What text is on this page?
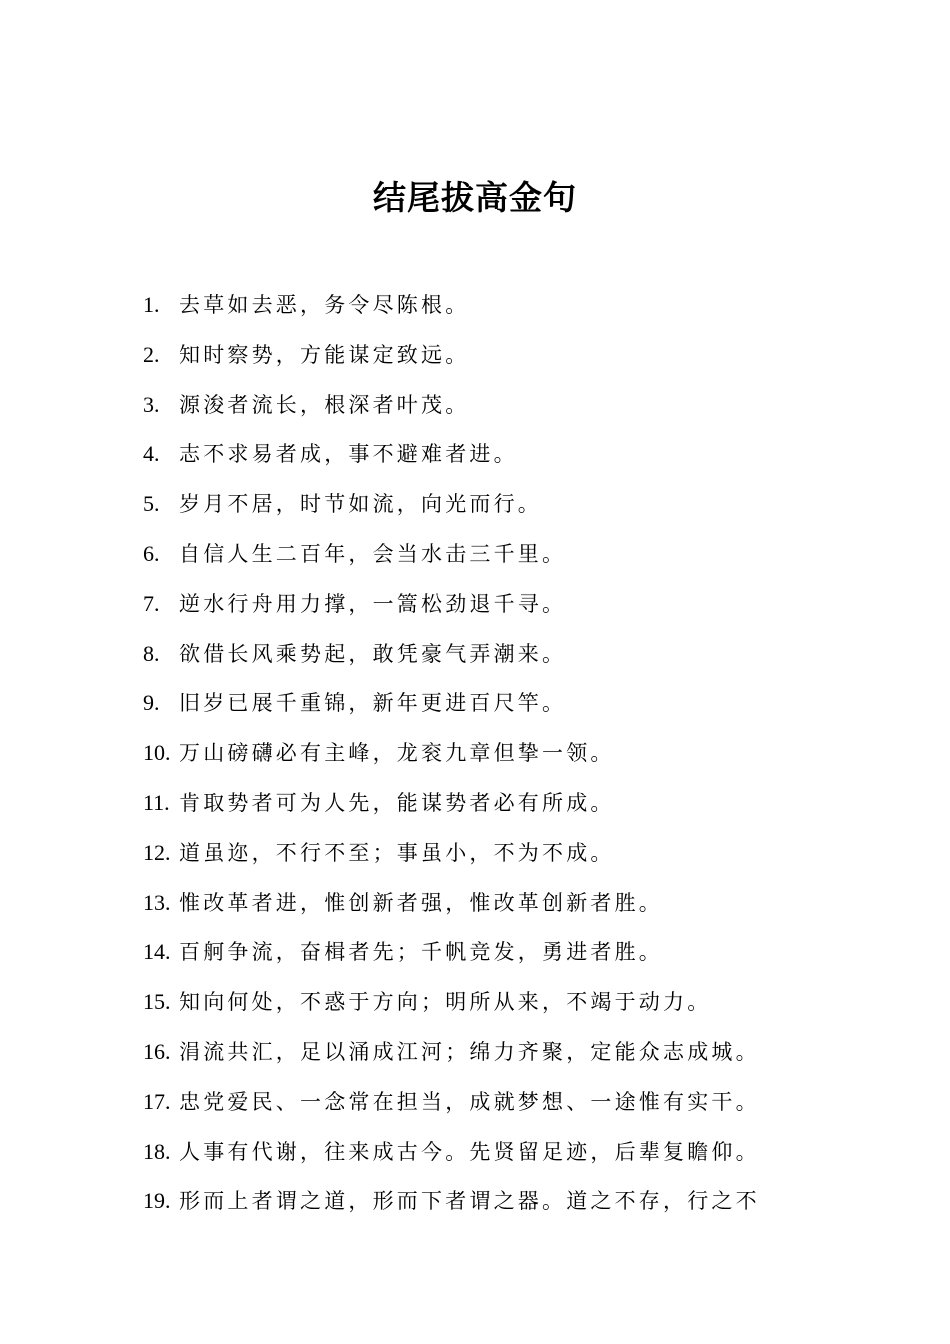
结尾拔高金句
1. 去草如去恶，务令尽陈根。
2. 知时察势，方能谋定致远。
3. 源浚者流长，根深者叶茂。
4. 志不求易者成，事不避难者进。
5. 岁月不居，时节如流，向光而行。
6. 自信人生二百年，会当水击三千里。
7. 逆水行舟用力撑，一篙松劲退千寻。
8. 欲借长风乘势起，敢凭豪气弄潮来。
9. 旧岁已展千重锦，新年更进百尺竿。
10. 万山磅礴必有主峰，龙衮九章但挚一领。
11. 肯取势者可为人先，能谋势者必有所成。
12. 道虽迩，不行不至；事虽小，不为不成。
13. 惟改革者进，惟创新者强，惟改革创新者胜。
14. 百舸争流，奋楫者先；千帆竞发，勇进者胜。
15. 知向何处，不惑于方向；明所从来，不竭于动力。
16. 涓流共汇，足以涌成江河；绵力齐聚，定能众志成城。
17. 忠党爱民、一念常在担当，成就梦想、一途惟有实干。
18. 人事有代谢，往来成古今。先贤留足迹，后辈复瞻仰。
19. 形而上者谓之道，形而下者谓之器。道之不存，行之不
